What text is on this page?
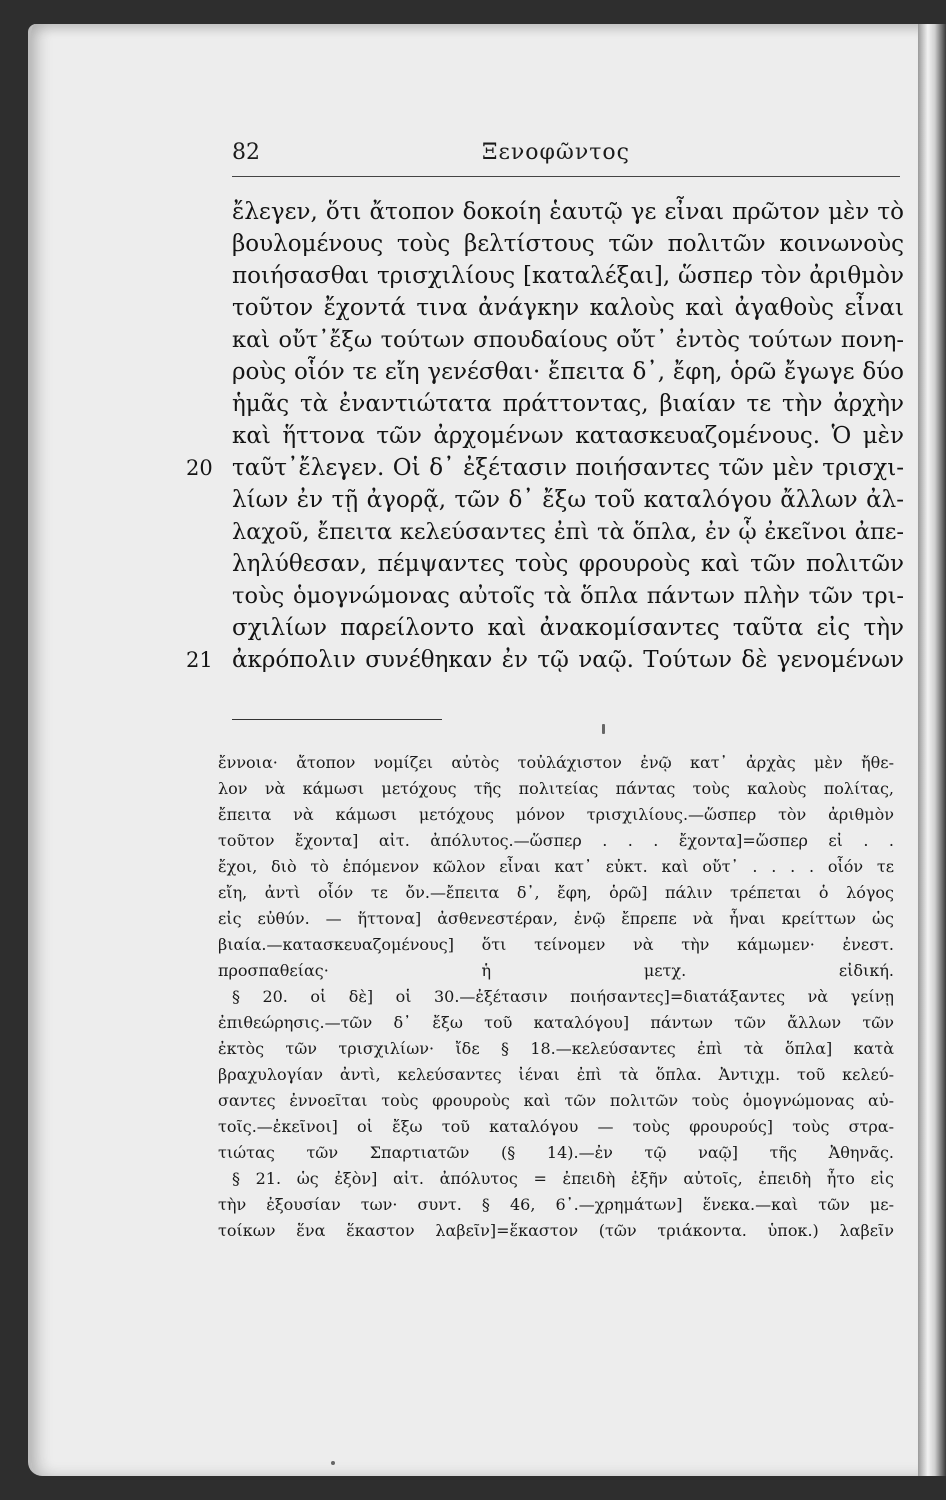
82	Ξενοφῶντος
ἔλεγεν, ὅτι ἄτοπον δοκοίη ἑαυτῷ γε εἶναι πρῶτον μὲν τὸ
βουλομένους τοὺς βελτίστους τῶν πολιτῶν κοινωνοὺς
ποιήσασθαι τρισχιλίους [καταλέξαι], ὥσπερ τὸν ἀριθμὸν
τοῦτον ἔχοντά τινα ἀνάγκην καλοὺς καὶ ἀγαθοὺς εἶναι
καὶ οὔτ᾽ἔξω τούτων σπουδαίους οὔτ᾽ ἐντὸς τούτων πονη-
ροὺς οἷόν τε εἴη γενέσθαι· ἔπειτα δ᾽, ἔφη, ὁρῶ ἔγωγε δύο
ἡμᾶς τὰ ἐναντιώτατα πράττοντας, βιαίαν τε τὴν ἀρχὴν
καὶ ἥττονα τῶν ἀρχομένων κατασκευαζομένους. Ὁ μὲν
20 ταῦτ᾽ἔλεγεν. Οἱ δ᾽ ἐξέτασιν ποιήσαντες τῶν μὲν τρισχι-
λίων ἐν τῇ ἀγορᾷ, τῶν δ᾽ ἔξω τοῦ καταλόγου ἄλλων ἀλ-
λαχοῦ, ἔπειτα κελεύσαντες ἐπὶ τὰ ὅπλα, ἐν ᾧ ἐκεῖνοι ἀπε-
ληλύθεσαν, πέμψαντες τοὺς φρουροὺς καὶ τῶν πολιτῶν
τοὺς ὁμογνώμονας αὐτοῖς τὰ ὅπλα πάντων πλὴν τῶν τρι-
σχιλίων παρείλοντο καὶ ἀνακομίσαντες ταῦτα εἰς τὴν
21 ἀκρόπολιν συνέθηκαν ἐν τῷ ναῷ. Τούτων δὲ γενομένων
ἔννοια· ἄτοπον νομίζει αὐτὸς τοὐλάχιστον ἐνῷ κατ᾽ ἀρχὰς μὲν ἤθε-
λον νὰ κάμωσι μετόχους τῆς πολιτείας πάντας τοὺς καλοὺς πολίτας,
ἔπειτα νὰ κάμωσι μετόχους μόνον τρισχιλίους.—ὥσπερ τὸν ἀριθμὸν
τοῦτον ἔχοντα] αἰτ. ἀπόλυτος.—ὥσπερ . . . ἔχοντα]=ὥσπερ εἰ . .
ἔχοι, διὸ τὸ ἑπόμενον κῶλον εἶναι κατ᾽ εὐκτ. καὶ οὔτ᾽ . . . . οἷόν τε
εἴη, ἀντὶ οἷόν τε ὄν.—ἔπειτα δ᾽, ἔφη, ὁρῶ] πάλιν τρέπεται ὁ λόγος
εἰς εὐθύν. — ἥττονα] ἀσθενεστέραν, ἐνῷ ἔπρεπε νὰ ἦναι κρείττων ὡς
βιαία.—κατασκευαζομένους] ὅτι τείνομεν νὰ τὴν κάμωμεν· ἐνεστ.
προσπαθείας· ἡ μετχ. εἰδική.
§ 20. οἱ δὲ] οἱ 30.—ἐξέτασιν ποιήσαντες]=διατάξαντες νὰ γείνῃ
ἐπιθεώρησις.—τῶν δ᾽ ἔξω τοῦ καταλόγου] πάντων τῶν ἄλλων τῶν
ἐκτὸς τῶν τρισχιλίων· ἴδε § 18.—κελεύσαντες ἐπὶ τὰ ὅπλα] κατὰ
βραχυλογίαν ἀντὶ, κελεύσαντες ἰέναι ἐπὶ τὰ ὅπλα. Ἀντιχμ. τοῦ κελεύ-
σαντες ἐννοεῖται τοὺς φρουροὺς καὶ τῶν πολιτῶν τοὺς ὁμογνώμονας αὐ-
τοῖς.—ἐκεῖνοι] οἱ ἔξω τοῦ καταλόγου — τοὺς φρουρούς] τοὺς στρα-
τιώτας τῶν Σπαρτιατῶν (§ 14).—ἐν τῷ ναῷ] τῆς Ἀθηνᾶς.
§ 21. ὡς ἐξὸν] αἰτ. ἀπόλυτος = ἐπειδὴ ἐξῆν αὐτοῖς, ἐπειδὴ ἦτο εἰς
τὴν ἐξουσίαν των· συντ. § 46, 6᾽.—χρημάτων] ἕνεκα.—καὶ τῶν με-
τοίκων ἕνα ἕκαστον λαβεῖν]=ἕκαστον (τῶν τριάκοντα. ὑποκ.) λαβεῖν
